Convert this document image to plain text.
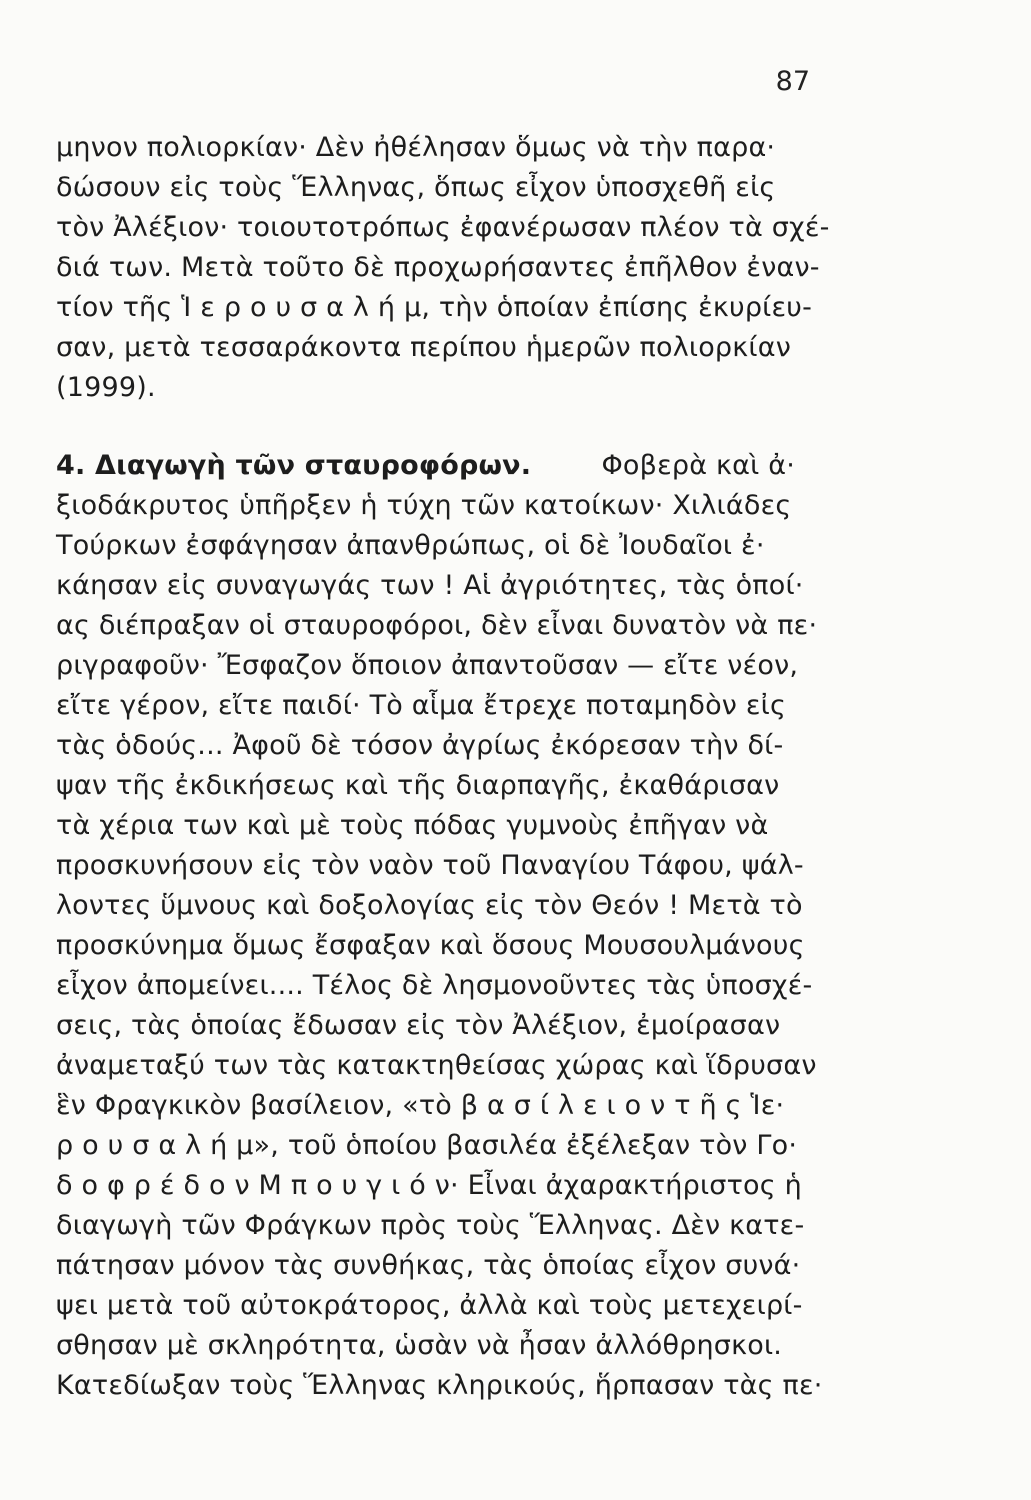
87
μηνον πολιορκίαν· Δὲν ἠθέλησαν ὅμως νὰ τὴν παρα·
δώσουν εἰς τοὺς Ἕλληνας, ὅπως εἶχον ὑποσχεθῆ εἰς
τὸν Ἀλέξιον· τοιουτοτρόπως ἐφανέρωσαν πλέον τὰ σχέ-
διά των. Μετὰ τοῦτο δὲ προχωρήσαντες ἐπῆλθον ἐναν-
τίον τῆς Ἱ ε ρ ο υ σ α λ ή μ, τὴν ὁποίαν ἐπίσης ἐκυρίευ-
σαν, μετὰ τεσσαράκοντα περίπου ἡμερῶν πολιορκίαν
(1999).
4. Διαγωγὴ τῶν σταυροφόρων.	Φοβερὰ καὶ ἀ·
ξιοδάκρυτος ὑπῆρξεν ἡ τύχη τῶν κατοίκων· Χιλιάδες
Τούρκων ἐσφάγησαν ἀπανθρώπως, οἱ δὲ Ἰουδαῖοι ἐ·
κάησαν εἰς συναγωγάς των ! Αἱ ἀγριότητες, τὰς ὁποί·
ας διέπραξαν οἱ σταυροφόροι, δὲν εἶναι δυνατὸν νὰ πε·
ριγραφοῦν· Ἔσφαζον ὅποιον ἀπαντοῦσαν — εἴτε νέον,
εἴτε γέρον, εἴτε παιδί· Τὸ αἷμα ἔτρεχε ποταμηδὸν εἰς
τὰς ὁδούς... Ἀφοῦ δὲ τόσον ἀγρίως ἐκόρεσαν τὴν δί-
ψαν τῆς ἐκδικήσεως καὶ τῆς διαρπαγῆς, ἐκαθάρισαν
τὰ χέρια των καὶ μὲ τοὺς πόδας γυμνοὺς ἐπῆγαν νὰ
προσκυνήσουν εἰς τὸν ναὸν τοῦ Παναγίου Τάφου, ψάλ-
λοντες ὕμνους καὶ δοξολογίας εἰς τὸν Θεόν ! Μετὰ τὸ
προσκύνημα ὅμως ἔσφαξαν καὶ ὅσους Μουσουλμάνους
εἶχον ἀπομείνει.... Τέλος δὲ λησμονοῦντες τὰς ὑποσχέ-
σεις, τὰς ὁποίας ἔδωσαν εἰς τὸν Ἀλέξιον, ἐμοίρασαν
ἀναμεταξύ των τὰς κατακτηθείσας χώρας καὶ ἵδρυσαν
ἓν Φραγκικὸν βασίλειον, «τὸ β α σ ί λ ε ι ο ν τ ῆ ς Ἱε·
ρ ο υ σ α λ ή μ», τοῦ ὁποίου βασιλέα ἐξέλεξαν τὸν Γο·
δ ο φ ρ έ δ ο ν Μ π ο υ γ ι ό ν· Εἶναι ἀχαρακτήριστος ἡ
διαγωγὴ τῶν Φράγκων πρὸς τοὺς Ἕλληνας. Δὲν κατε-
πάτησαν μόνον τὰς συνθήκας, τὰς ὁποίας εἶχον συνά·
ψει μετὰ τοῦ αὐτοκράτορος, ἀλλὰ καὶ τοὺς μετεχειρί-
σθησαν μὲ σκληρότητα, ὡσὰν νὰ ἦσαν ἀλλόθρησκοι.
Κατεδίωξαν τοὺς Ἕλληνας κληρικούς, ἥρπασαν τὰς πε·
